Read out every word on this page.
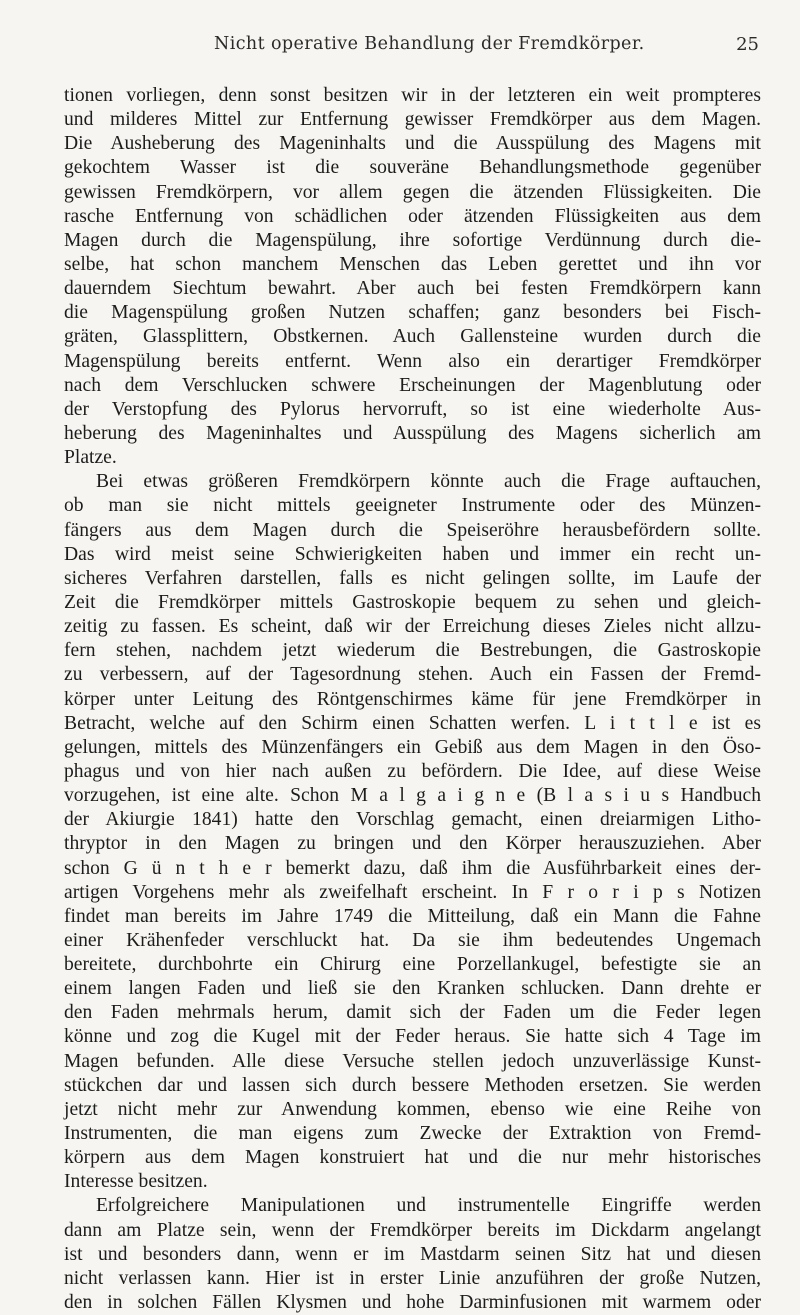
Nicht operative Behandlung der Fremdkörper.	25
tionen vorliegen, denn sonst besitzen wir in der letzteren ein weit prompteres
und milderes Mittel zur Entfernung gewisser Fremdkörper aus dem Magen.
Die Ausheberung des Mageninhalts und die Ausspülung des Magens mit
gekochtem Wasser ist die souveräne Behandlungsmethode gegenüber
gewissen Fremdkörpern, vor allem gegen die ätzenden Flüssigkeiten. Die
rasche Entfernung von schädlichen oder ätzenden Flüssigkeiten aus dem
Magen durch die Magenspülung, ihre sofortige Verdünnung durch die-
selbe, hat schon manchem Menschen das Leben gerettet und ihn vor
dauerndem Siechtum bewahrt. Aber auch bei festen Fremdkörpern kann
die Magenspülung großen Nutzen schaffen; ganz besonders bei Fisch-
gräten, Glassplittern, Obstkernen. Auch Gallensteine wurden durch die
Magenspülung bereits entfernt. Wenn also ein derartiger Fremdkörper
nach dem Verschlucken schwere Erscheinungen der Magenblutung oder
der Verstopfung des Pylorus hervorruft, so ist eine wiederholte Aus-
heberung des Mageninhaltes und Ausspülung des Magens sicherlich am
Platze.
Bei etwas größeren Fremdkörpern könnte auch die Frage auftauchen,
ob man sie nicht mittels geeigneter Instrumente oder des Münzen-
fängers aus dem Magen durch die Speiseröhre herausbefördern sollte.
Das wird meist seine Schwierigkeiten haben und immer ein recht un-
sicheres Verfahren darstellen, falls es nicht gelingen sollte, im Laufe der
Zeit die Fremdkörper mittels Gastroskopie bequem zu sehen und gleich-
zeitig zu fassen. Es scheint, daß wir der Erreichung dieses Zieles nicht allzu-
fern stehen, nachdem jetzt wiederum die Bestrebungen, die Gastroskopie
zu verbessern, auf der Tagesordnung stehen. Auch ein Fassen der Fremd-
körper unter Leitung des Röntgenschirmes käme für jene Fremdkörper in
Betracht, welche auf den Schirm einen Schatten werfen. L i t t l e ist es
gelungen, mittels des Münzenfängers ein Gebiß aus dem Magen in den Öso-
phagus und von hier nach außen zu befördern. Die Idee, auf diese Weise
vorzugehen, ist eine alte. Schon M a l g a i g n e (B l a s i u s Handbuch
der Akiurgie 1841) hatte den Vorschlag gemacht, einen dreiarmigen Litho-
thryptor in den Magen zu bringen und den Körper herauszuziehen. Aber
schon G ü n t h e r bemerkt dazu, daß ihm die Ausführbarkeit eines der-
artigen Vorgehens mehr als zweifelhaft erscheint. In F r o r i p s Notizen
findet man bereits im Jahre 1749 die Mitteilung, daß ein Mann die Fahne
einer Krähenfeder verschluckt hat. Da sie ihm bedeutendes Ungemach
bereitete, durchbohrte ein Chirurg eine Porzellankugel, befestigte sie an
einem langen Faden und ließ sie den Kranken schlucken. Dann drehte er
den Faden mehrmals herum, damit sich der Faden um die Feder legen
könne und zog die Kugel mit der Feder heraus. Sie hatte sich 4 Tage im
Magen befunden. Alle diese Versuche stellen jedoch unzuverlässige Kunst-
stückchen dar und lassen sich durch bessere Methoden ersetzen. Sie werden
jetzt nicht mehr zur Anwendung kommen, ebenso wie eine Reihe von
Instrumenten, die man eigens zum Zwecke der Extraktion von Fremd-
körpern aus dem Magen konstruiert hat und die nur mehr historisches
Interesse besitzen.
Erfolgreichere Manipulationen und instrumentelle Eingriffe werden
dann am Platze sein, wenn der Fremdkörper bereits im Dickdarm angelangt
ist und besonders dann, wenn er im Mastdarm seinen Sitz hat und diesen
nicht verlassen kann. Hier ist in erster Linie anzuführen der große Nutzen,
den in solchen Fällen Klysmen und hohe Darminfusionen mit warmem oder
